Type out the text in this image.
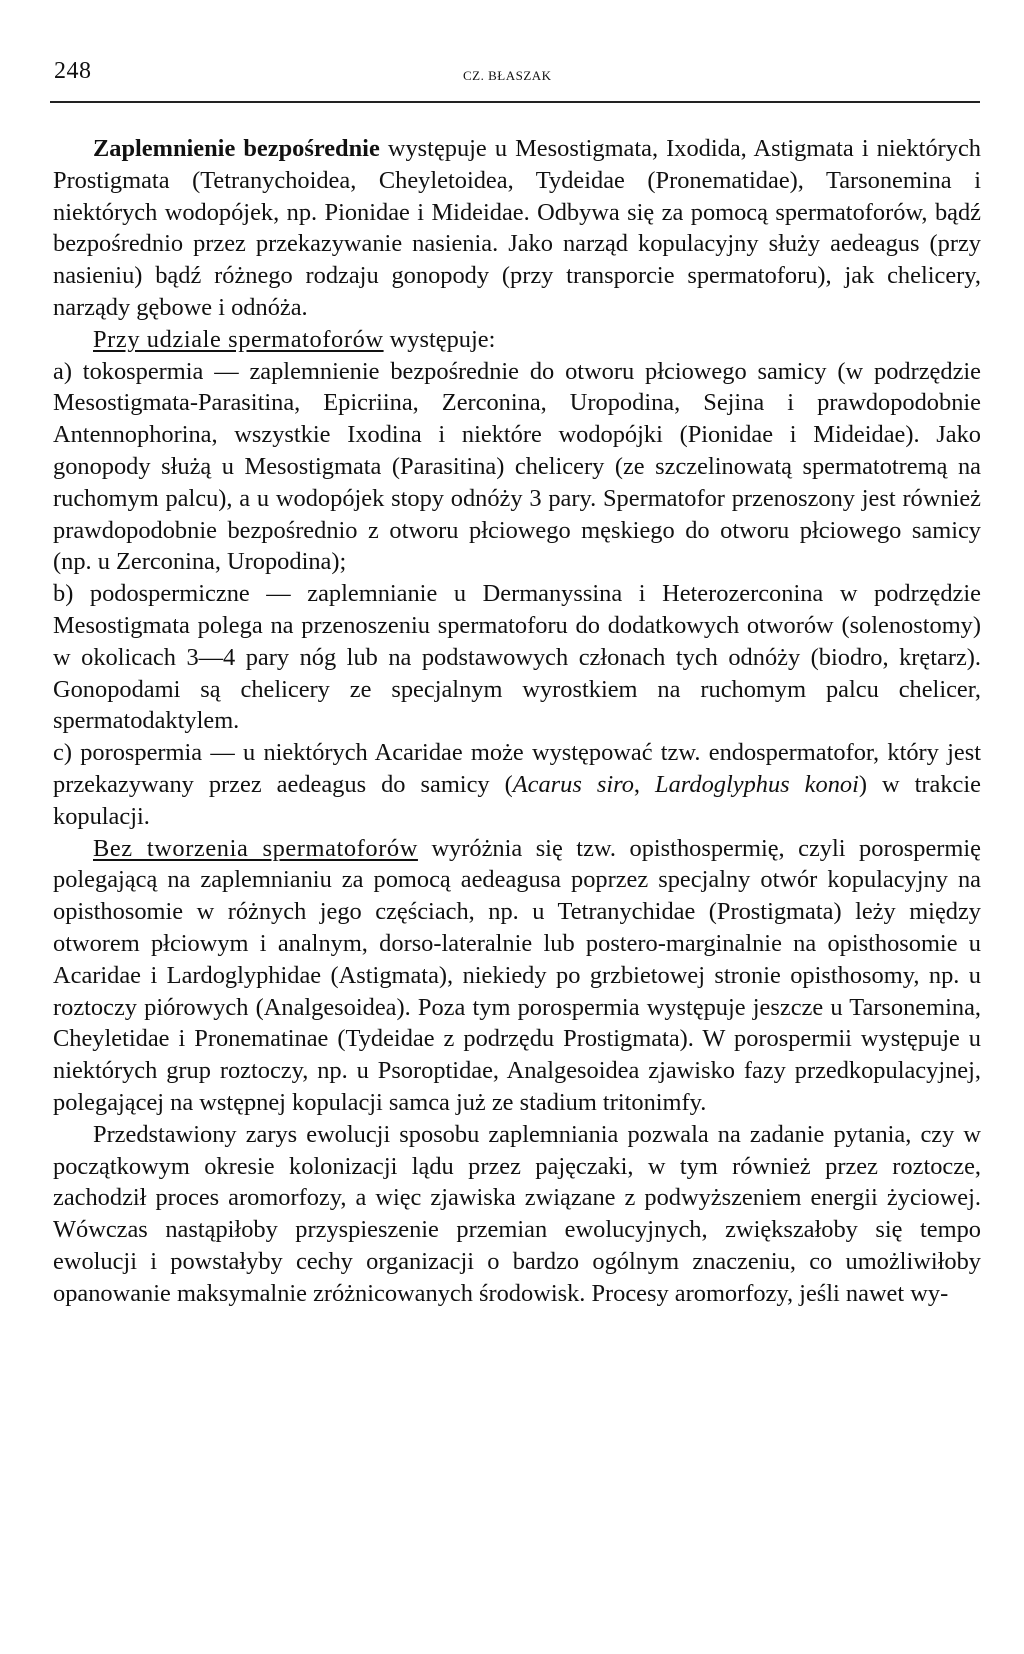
248	CZ. BŁASZAK

Zaplemnienie bezpośrednie występuje u Mesostigmata, Ixodida, Astigmata i niektórych Prostigmata (Tetranychoidea, Cheyletoidea, Tydeidae (Pronematidae), Tarsonemina i niektórych wodopójek, np. Pionidae i Mideidae. Odbywa się za pomocą spermatoforów, bądź bezpośrednio przez przekazywanie nasienia. Jako narząd kopulacyjny służy aedeagus (przy nasieniu) bądź różnego rodzaju gonopody (przy transporcie spermatoforu), jak chelicery, narządy gębowe i odnóża.

Przy udziale spermatoforów występuje:

a) tokospermia — zaplemnienie bezpośrednie do otworu płciowego samicy (w podrzędzie Mesostigmata-Parasitina, Epicriina, Zerconina, Uropodina, Sejina i prawdopodobnie Antennophorina, wszystkie Ixodina i niektóre wodopójki (Pionidae i Mideidae). Jako gonopody służą u Mesostigmata (Parasitina) chelicery (ze szczelinowatą spermatotremą na ruchomym palcu), a u wodopójek stopy odnóży 3 pary. Spermatofor przenoszony jest również prawdopodobnie bezpośrednio z otworu płciowego męskiego do otworu płciowego samicy (np. u Zerconina, Uropodina);

b) podospermiczne — zaplemnianie u Dermanyssina i Heterozerconina w podrzędzie Mesostigmata polega na przenoszeniu spermatoforu do dodatkowych otworów (solenostomy) w okolicach 3—4 pary nóg lub na podstawowych członach tych odnóży (biodro, krętarz). Gonopodami są chelicery ze specjalnym wyrostkiem na ruchomym palcu chelicer, spermatodaktylem.

c) porospermia — u niektórych Acaridae może występować tzw. endospermatofor, który jest przekazywany przez aedeagus do samicy (Acarus siro, Lardoglyphus konoi) w trakcie kopulacji.

Bez tworzenia spermatoforów wyróżnia się tzw. opisthospermię, czyli porospermię polegającą na zaplemnianiu za pomocą aedeagusa poprzez specjalny otwór kopulacyjny na opisthosomie w różnych jego częściach, np. u Tetranychidae (Prostigmata) leży między otworem płciowym i analnym, dorso-lateralnie lub postero-marginalnie na opisthosomie u Acaridae i Lardoglyphidae (Astigmata), niekiedy po grzbietowej stronie opisthosomy, np. u roztoczy piórowych (Analgesoidea). Poza tym porospermia występuje jeszcze u Tarsonemina, Cheyletidae i Pronematinae (Tydeidae z podrzędu Prostigmata). W porospermii występuje u niektórych grup roztoczy, np. u Psoroptidae, Analgesoidea zjawisko fazy przedkopulacyjnej, polegającej na wstępnej kopulacji samca już ze stadium tritonimfy.

Przedstawiony zarys ewolucji sposobu zaplemniania pozwala na zadanie pytania, czy w początkowym okresie kolonizacji lądu przez pajęczaki, w tym również przez roztocze, zachodził proces aromorfozy, a więc zjawiska związane z podwyższeniem energii życiowej. Wówczas nastąpiłoby przyspieszenie przemian ewolucyjnych, zwiększałoby się tempo ewolucji i powstałyby cechy organizacji o bardzo ogólnym znaczeniu, co umożliwiłoby opanowanie maksymalnie zróżnicowanych środowisk. Procesy aromorfozy, jeśli nawet wy-
